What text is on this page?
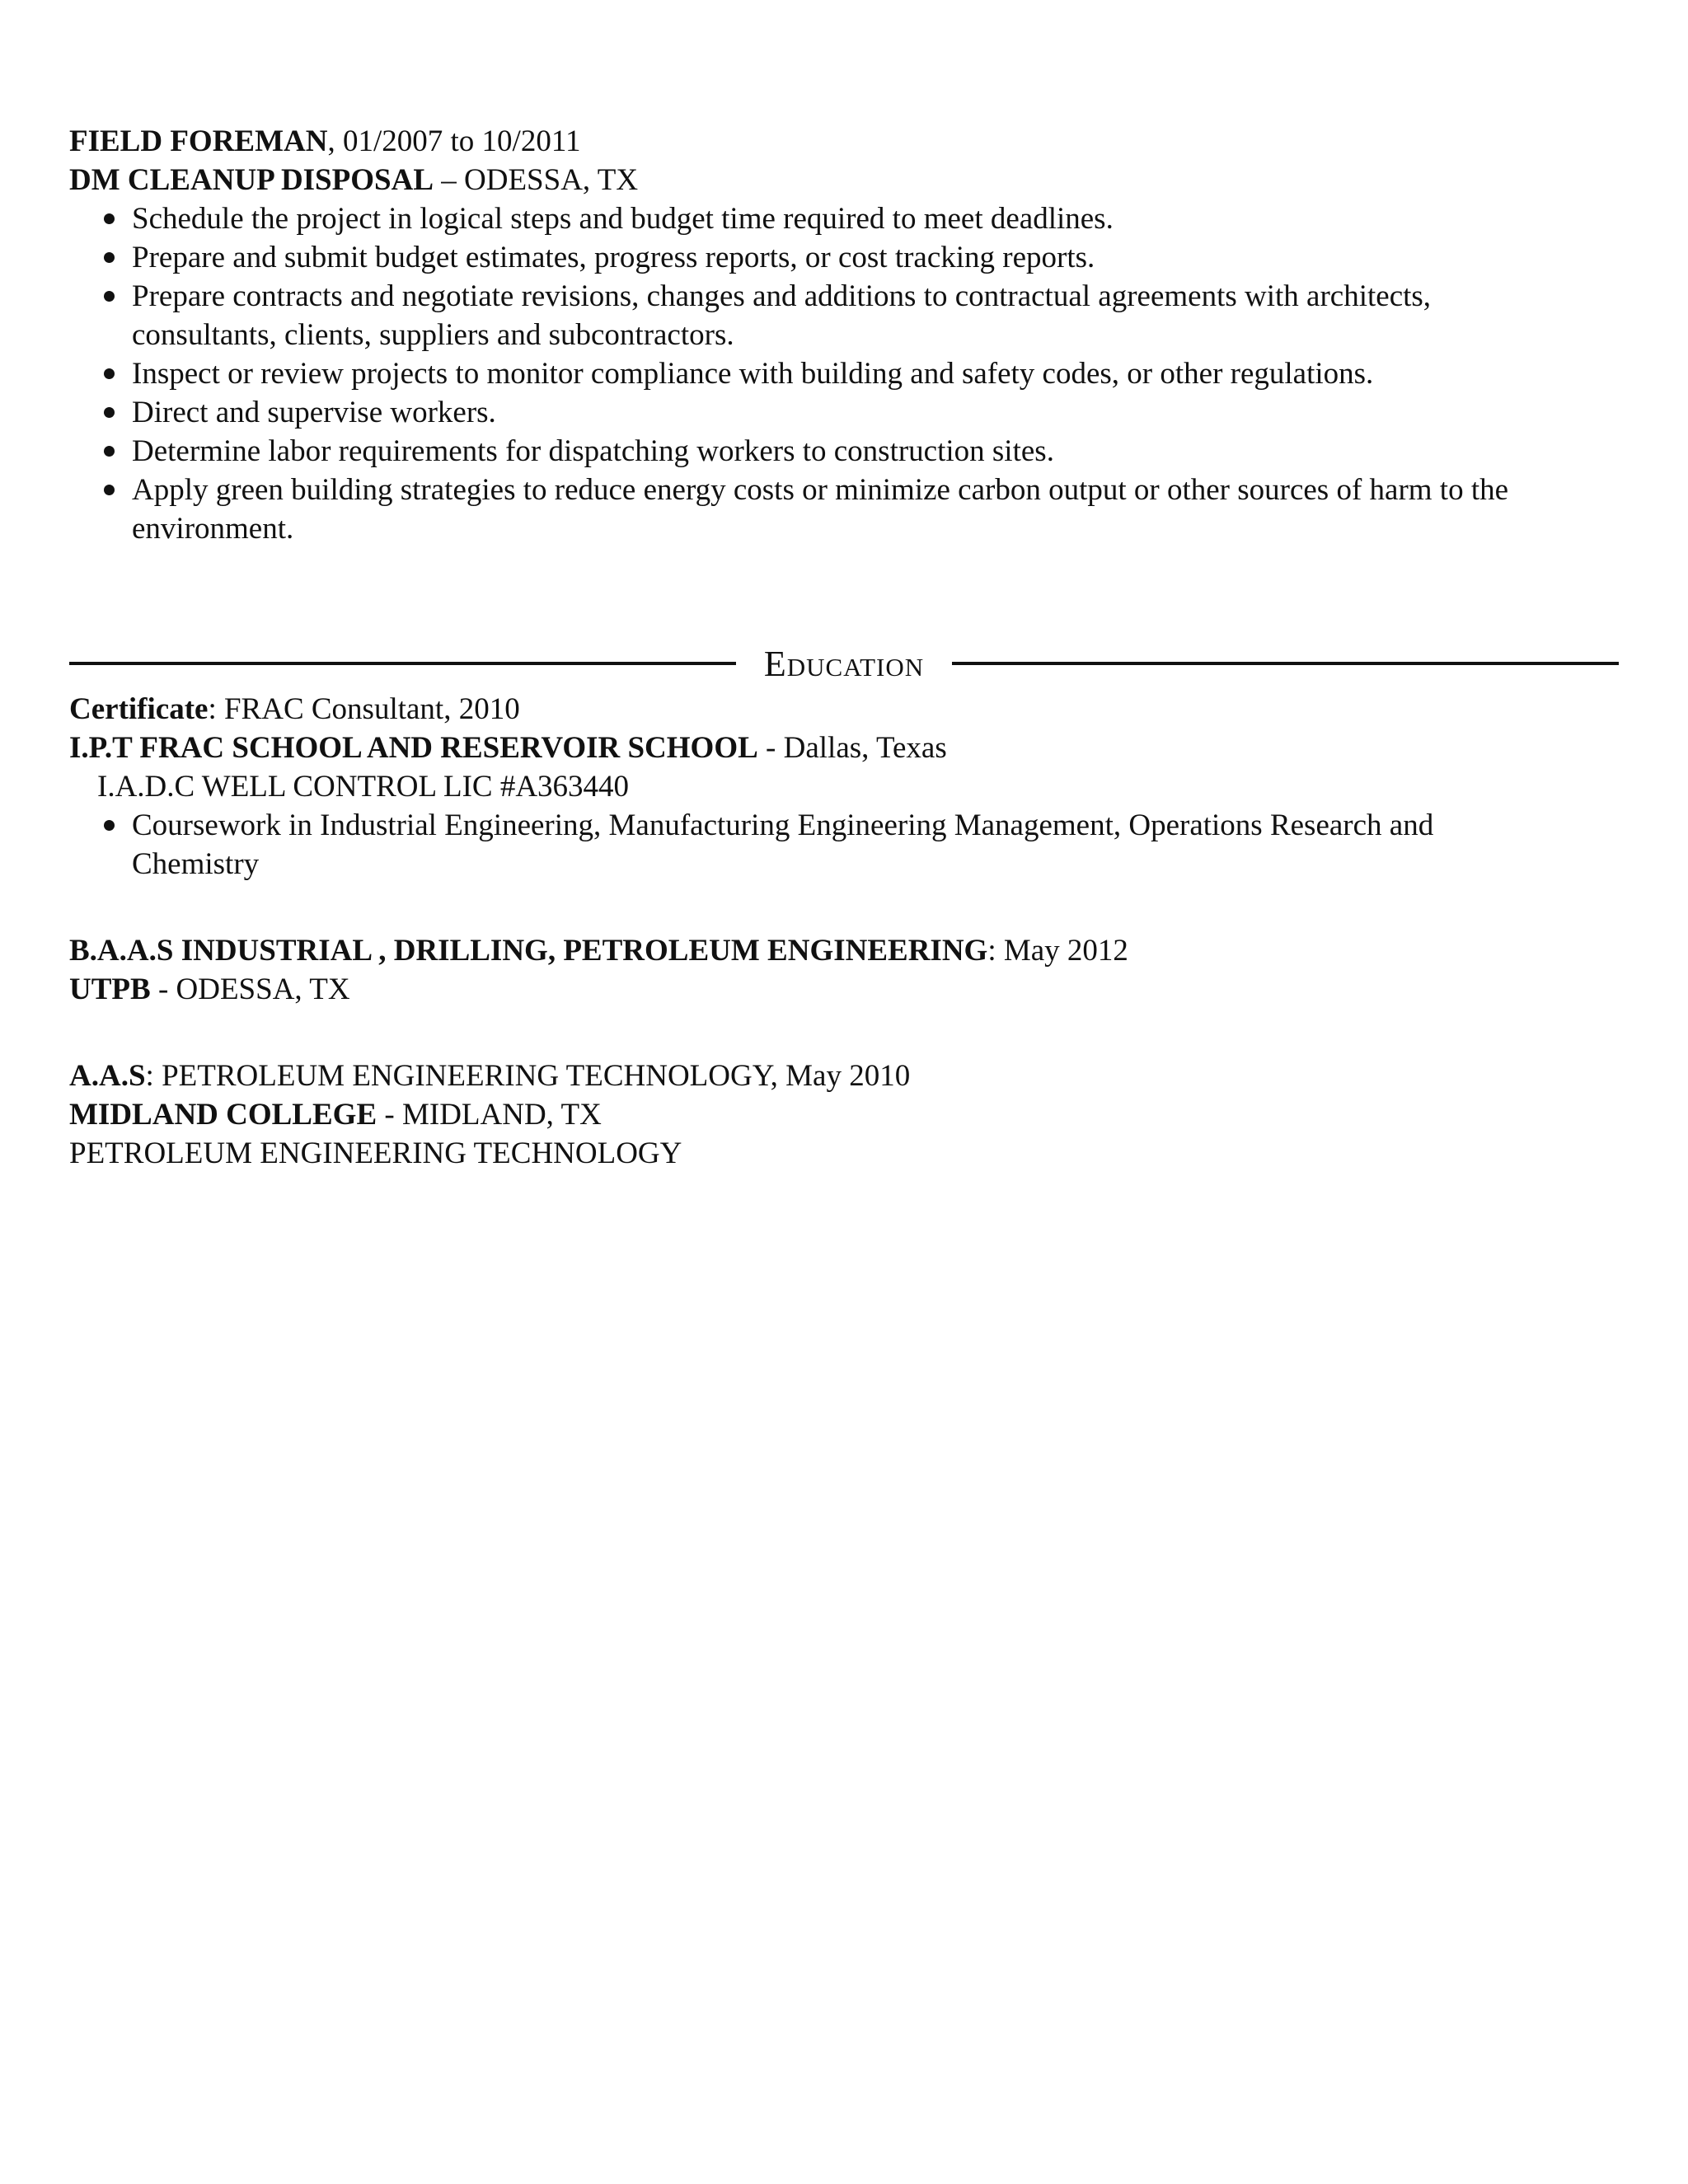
FIELD FOREMAN, 01/2007 to 10/2011
DM CLEANUP DISPOSAL – ODESSA, TX
Schedule the project in logical steps and budget time required to meet deadlines.
Prepare and submit budget estimates, progress reports, or cost tracking reports.
Prepare contracts and negotiate revisions, changes and additions to contractual agreements with architects, consultants, clients, suppliers and subcontractors.
Inspect or review projects to monitor compliance with building and safety codes, or other regulations.
Direct and supervise workers.
Determine labor requirements for dispatching workers to construction sites.
Apply green building strategies to reduce energy costs or minimize carbon output or other sources of harm to the environment.
Education
Certificate: FRAC Consultant, 2010
I.P.T FRAC SCHOOL AND RESERVOIR SCHOOL - Dallas, Texas
I.A.D.C WELL CONTROL LIC #A363440
Coursework in Industrial Engineering, Manufacturing Engineering Management, Operations Research and Chemistry
B.A.A.S INDUSTRIAL , DRILLING, PETROLEUM ENGINEERING: May 2012
UTPB - ODESSA, TX
A.A.S: PETROLEUM ENGINEERING TECHNOLOGY, May 2010
MIDLAND COLLEGE - MIDLAND, TX
PETROLEUM ENGINEERING TECHNOLOGY
